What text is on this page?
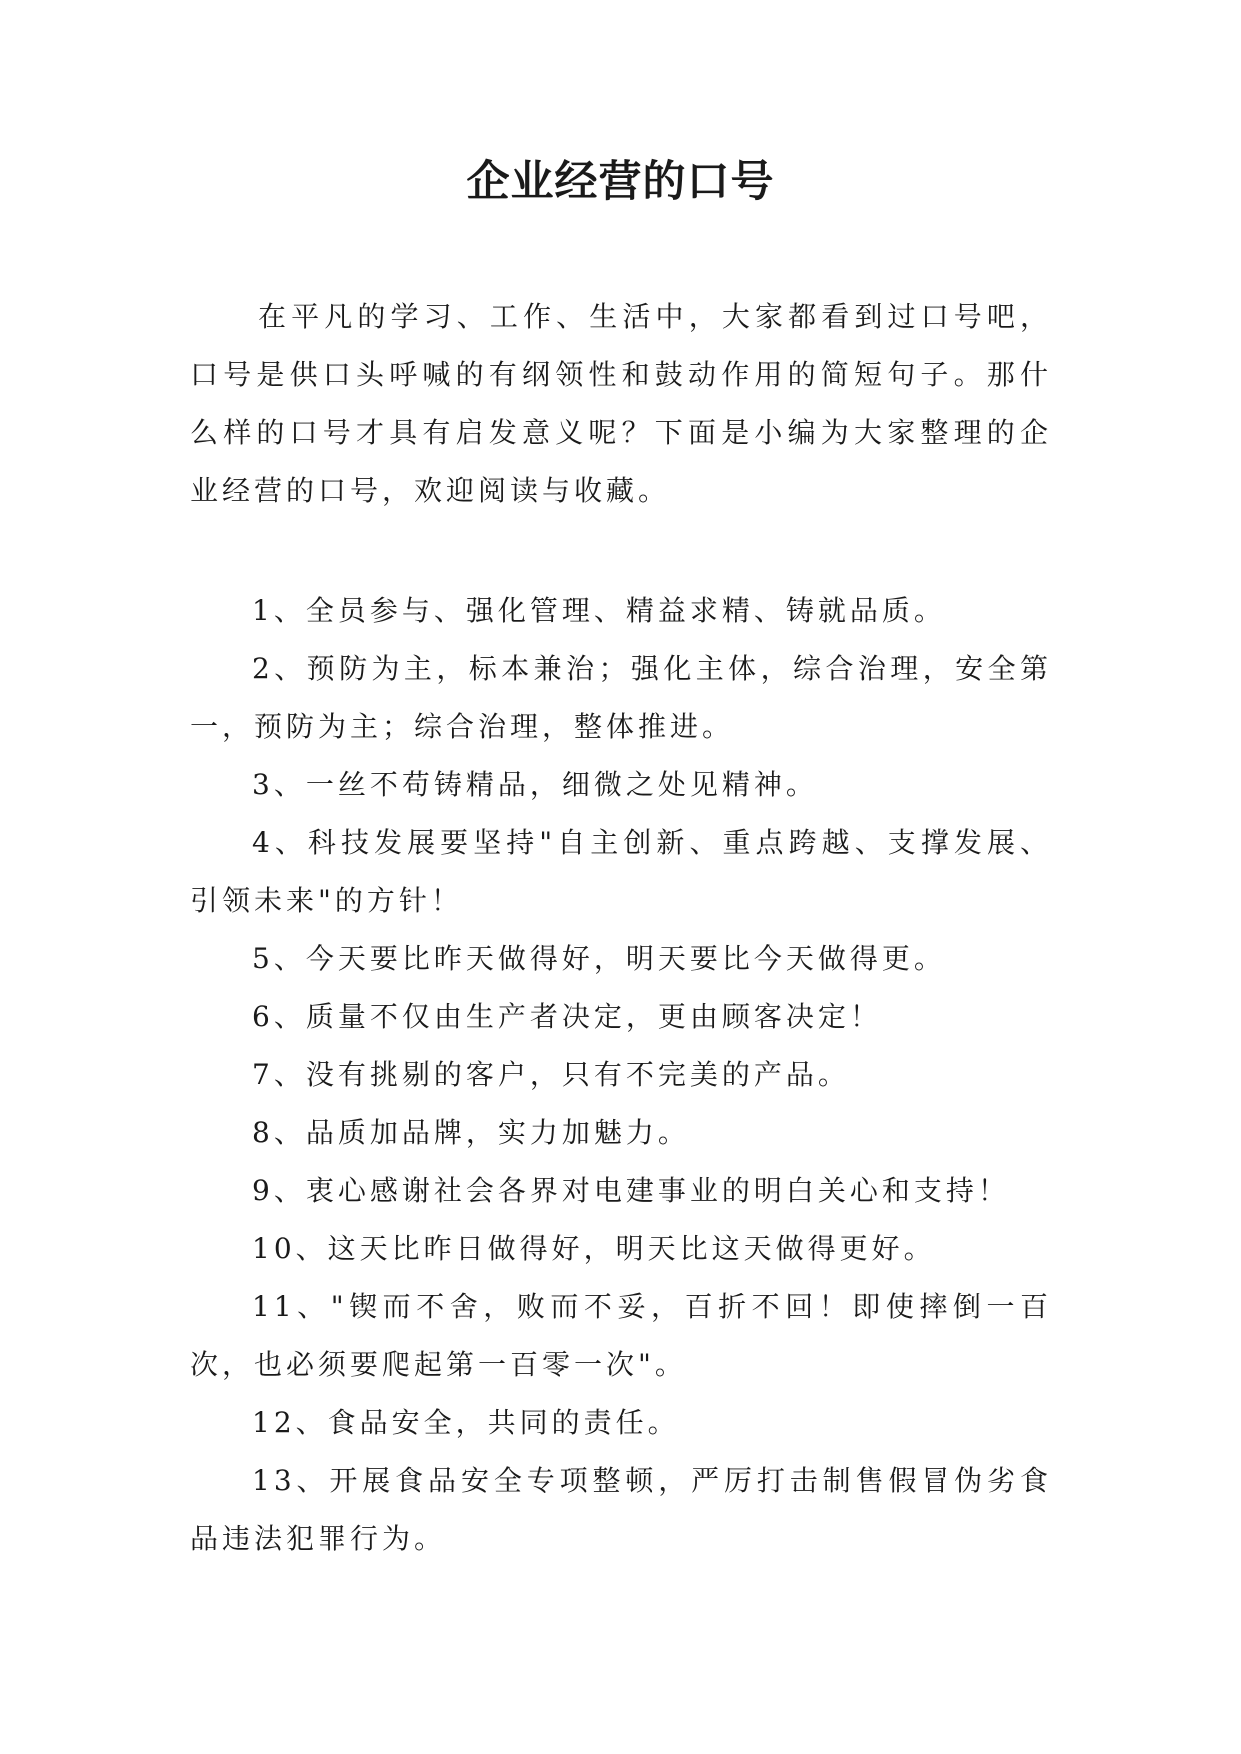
企业经营的口号

在平凡的学习、工作、生活中，大家都看到过口号吧，口号是供口头呼喊的有纲领性和鼓动作用的简短句子。那什么样的口号才具有启发意义呢？下面是小编为大家整理的企业经营的口号，欢迎阅读与收藏。

1、全员参与、强化管理、精益求精、铸就品质。
2、预防为主，标本兼治；强化主体，综合治理，安全第一，预防为主；综合治理，整体推进。
3、一丝不苟铸精品，细微之处见精神。
4、科技发展要坚持"自主创新、重点跨越、支撑发展、引领未来"的方针！
5、今天要比昨天做得好，明天要比今天做得更。
6、质量不仅由生产者决定，更由顾客决定！
7、没有挑剔的客户，只有不完美的产品。
8、品质加品牌，实力加魅力。
9、衷心感谢社会各界对电建事业的明白关心和支持！
10、这天比昨日做得好，明天比这天做得更好。
11、"锲而不舍，败而不妥，百折不回！即使摔倒一百次，也必须要爬起第一百零一次"。
12、食品安全，共同的责任。
13、开展食品安全专项整顿，严厉打击制售假冒伪劣食品违法犯罪行为。
